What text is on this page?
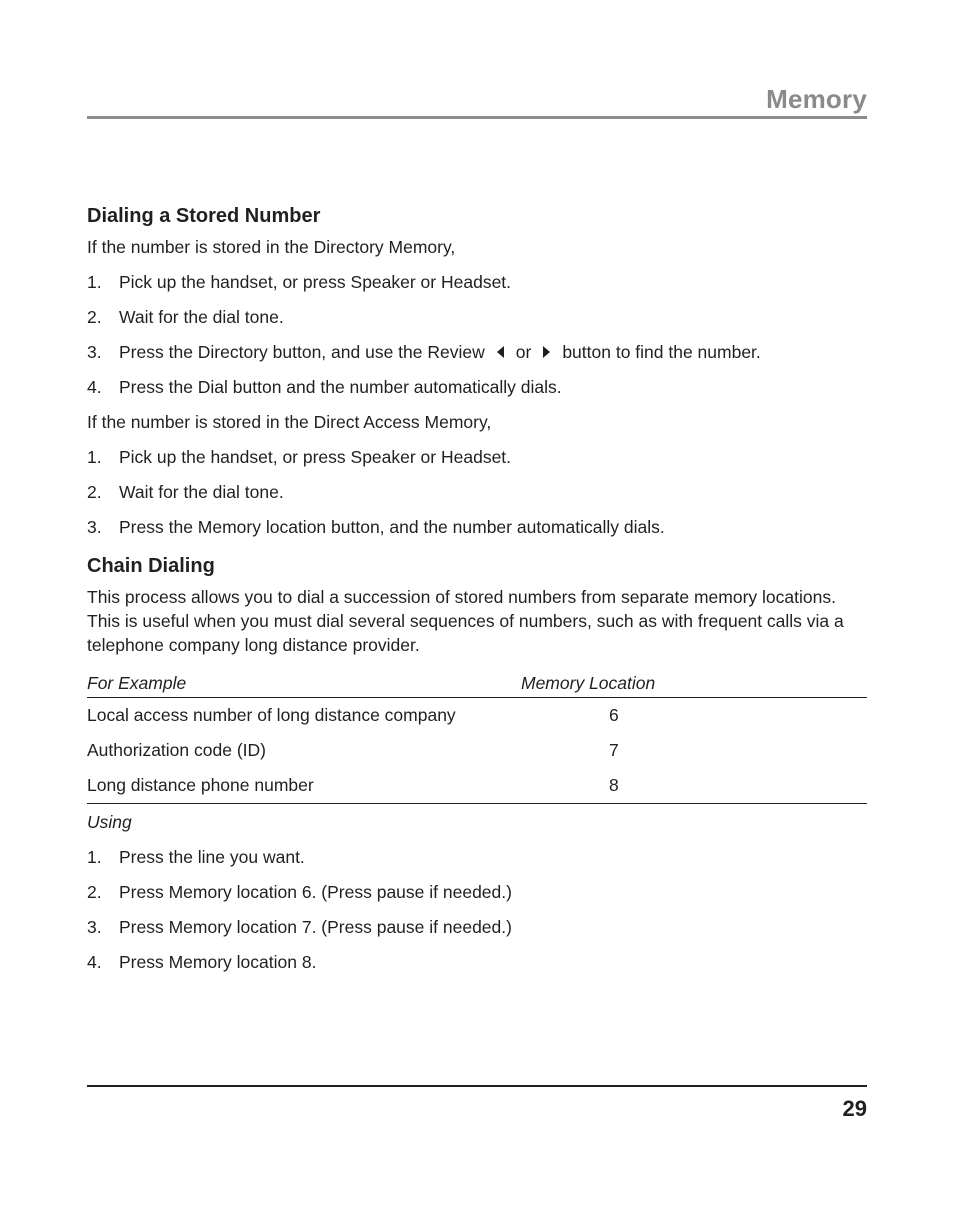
Memory
Dialing a Stored Number

If the number is stored in the Directory Memory,

1. Pick up the handset, or press Speaker or Headset.
2. Wait for the dial tone.
3. Press the Directory button, and use the Review or button to find the number.
4. Press the Dial button and the number automatically dials.

If the number is stored in the Direct Access Memory,

1. Pick up the handset, or press Speaker or Headset.
2. Wait for the dial tone.
3. Press the Memory location button, and the number automatically dials.
Chain Dialing

This process allows you to dial a succession of stored numbers from separate memory locations. This is useful when you must dial several sequences of numbers, such as with frequent calls via a telephone company long distance provider.

For Example	Memory Location
Local access number of long distance company	6
Authorization code (ID)	7
Long distance phone number	8
Using
1. Press the line you want.
2. Press Memory location 6. (Press pause if needed.)
3. Press Memory location 7. (Press pause if needed.)
4. Press Memory location 8.
29
